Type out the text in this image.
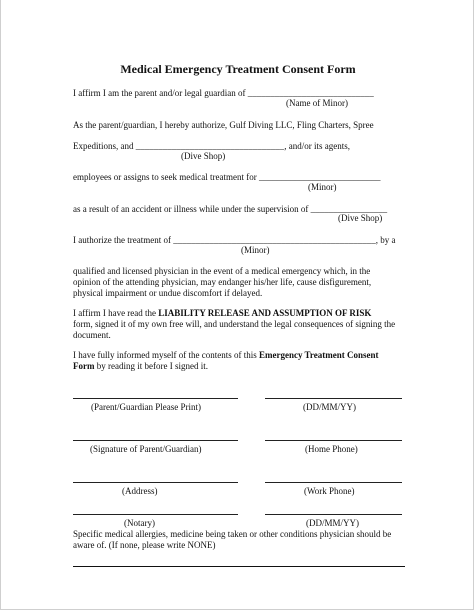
Medical Emergency Treatment Consent Form
I affirm I am the parent and/or legal guardian of ____________________________
(Name of Minor)
As the parent/guardian, I hereby authorize, Gulf Diving LLC, Fling Charters, Spree
Expeditions, and _________________________________, and/or its agents,
(Dive Shop)
employees or assigns to seek medical treatment for ___________________________
(Minor)
as a result of an accident or illness while under the supervision of _________________
(Dive Shop)
I authorize the treatment of _____________________________________________, by a
(Minor)
qualified and licensed physician in the event of a medical emergency which, in the
opinion of the attending physician, may endanger his/her life, cause disfigurement,
physical impairment or undue discomfort if delayed.
I affirm I have read the LIABILITY RELEASE AND ASSUMPTION OF RISK
form, signed it of my own free will, and understand the legal consequences of signing the
document.
I have fully informed myself of the contents of this Emergency Treatment Consent
Form by reading it before I signed it.
(Parent/Guardian Please Print)	(DD/MM/YY)
(Signature of Parent/Guardian)	(Home Phone)
(Address)	(Work Phone)
(Notary)	(DD/MM/YY)
Specific medical allergies, medicine being taken or other conditions physician should be
aware of. (If none, please write NONE)
